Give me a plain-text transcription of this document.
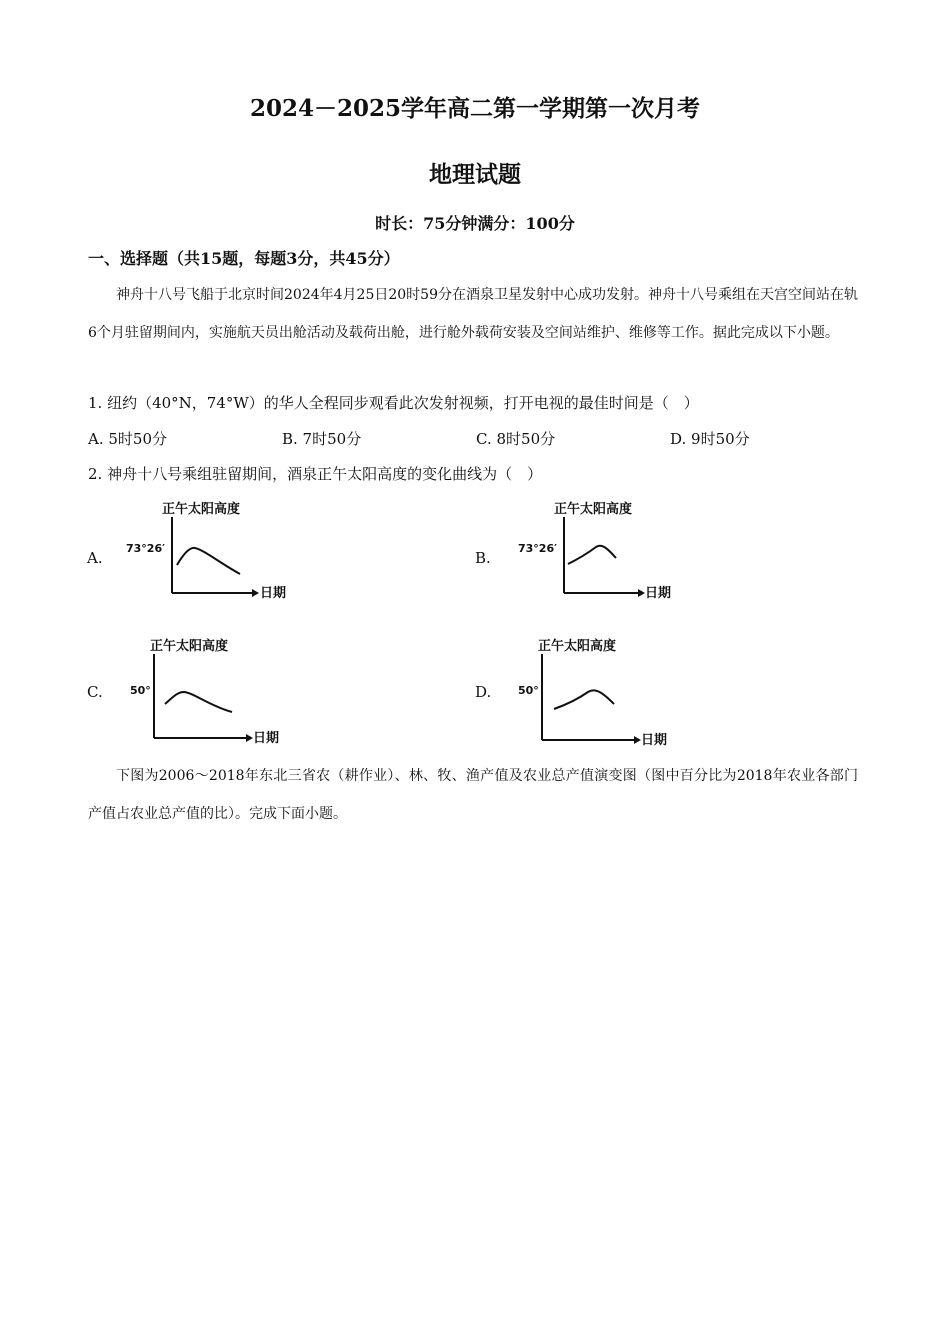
2024－2025学年高二第一学期第一次月考
地理试题
时长：75分钟满分：100分
一、选择题（共15题，每题3分，共45分）
神舟十八号飞船于北京时间2024年4月25日20时59分在酒泉卫星发射中心成功发射。神舟十八号乘组在天宫空间站在轨6个月驻留期间内，实施航天员出舱活动及载荷出舱，进行舱外载荷安装及空间站维护、维修等工作。据此完成以下小题。
1. 纽约（40°N，74°W）的华人全程同步观看此次发射视频，打开电视的最佳时间是（　）
A. 5时50分	B. 7时50分	C. 8时50分	D. 9时50分
2. 神舟十八号乘组驻留期间，酒泉正午太阳高度的变化曲线为（　）
A.
正午太阳高度
73°26′
日期
B.
正午太阳高度
73°26′
日期
C.
正午太阳高度
50°
日期
D.
正午太阳高度
50°
日期
下图为2006～2018年东北三省农（耕作业）、林、牧、渔产值及农业总产值演变图（图中百分比为2018年农业各部门产值占农业总产值的比）。完成下面小题。
